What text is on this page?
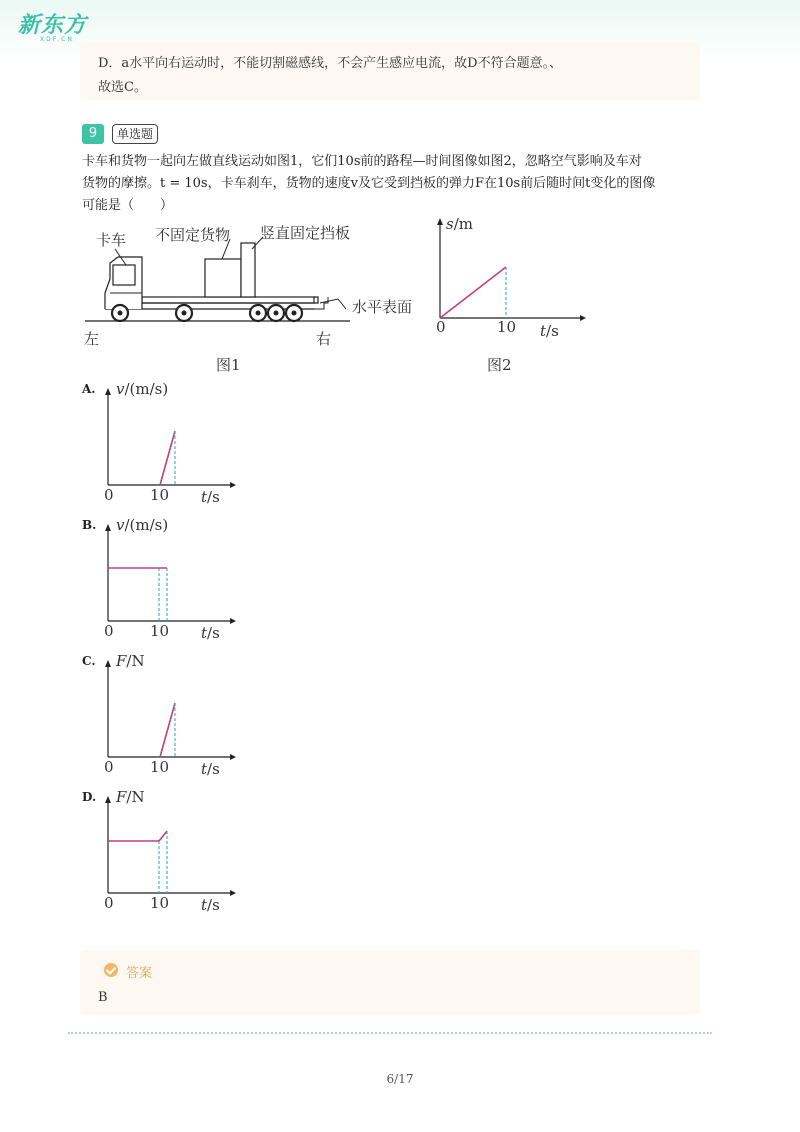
新东方
XDF.CN
D．a水平向右运动时，不能切割磁感线，不会产生感应电流，故D不符合题意。、
故选C。
9	单选题
卡车和货物一起向左做直线运动如图1，它们10s前的路程—时间图像如图2，忽略空气影响及车对
货物的摩擦。t = 10s，卡车刹车，货物的速度v及它受到挡板的弹力F在10s前后随时间t变化的图像
可能是（　　）
卡车 不固定货物 竖直固定挡板
水平表面
左	右
图1
s/m
0	10 t/s
图2
A. v/(m/s)
0 10 t/s
B. v/(m/s)
0 10 t/s
C. F/N
0 10 t/s
D. F/N
0 10 t/s
答案
B
6/17
